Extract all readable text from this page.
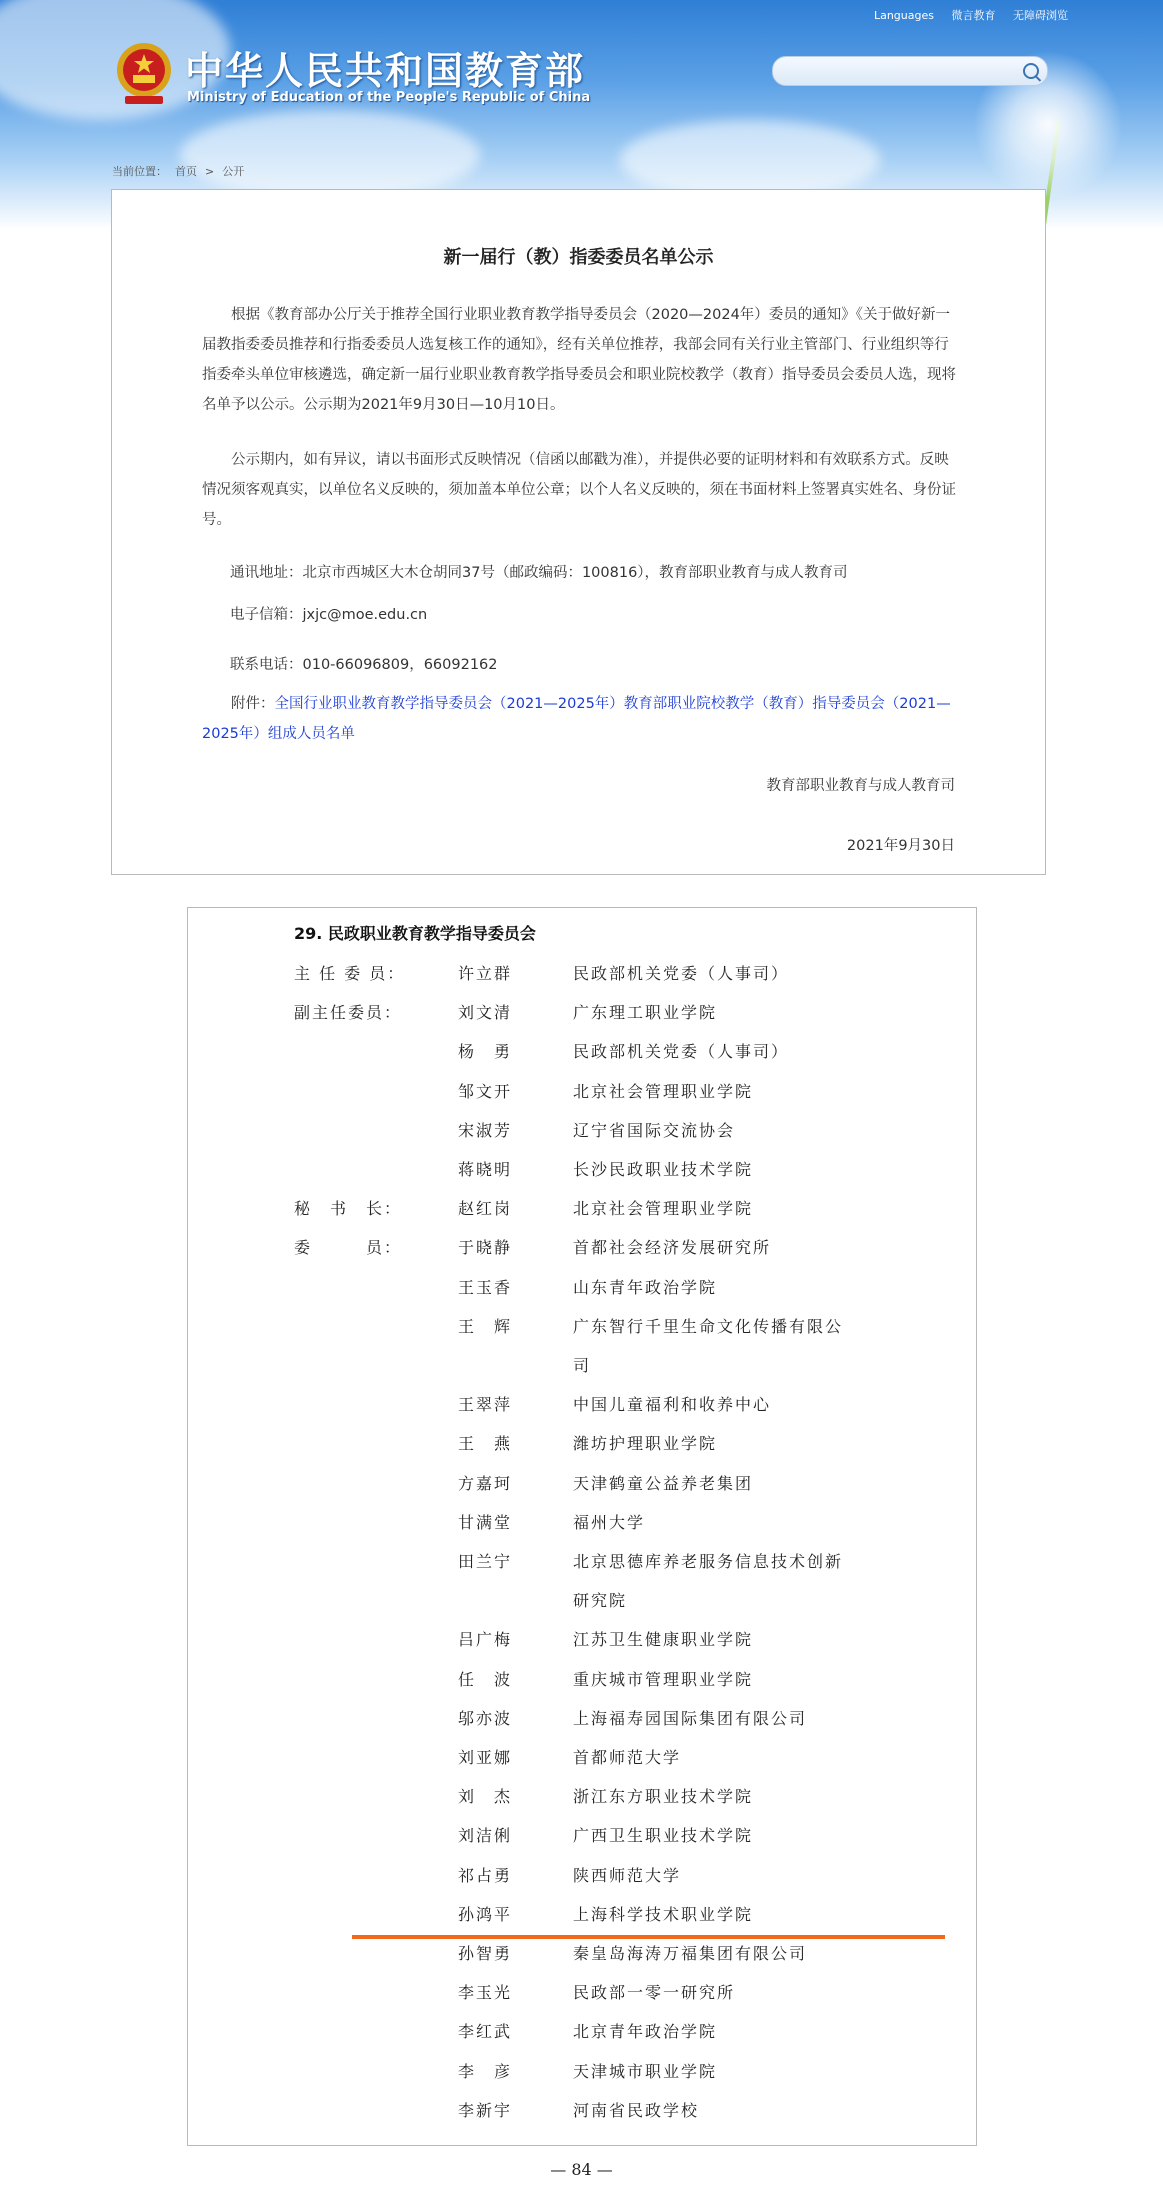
中华人民共和国教育部
Ministry of Education of the People's Republic of China
Languages 微言教育 无障碍浏览
当前位置： 首页 > 公开
新一届行（教）指委委员名单公示
根据《教育部办公厅关于推荐全国行业职业教育教学指导委员会（2020—2024年）委员的通知》《关于做好新一届教指委委员推荐和行指委委员人选复核工作的通知》，经有关单位推荐，我部会同有关行业主管部门、行业组织等行指委牵头单位审核遴选，确定新一届行业职业教育教学指导委员会和职业院校教学（教育）指导委员会委员人选，现将名单予以公示。公示期为2021年9月30日—10月10日。
公示期内，如有异议，请以书面形式反映情况（信函以邮戳为准），并提供必要的证明材料和有效联系方式。反映情况须客观真实，以单位名义反映的，须加盖本单位公章；以个人名义反映的，须在书面材料上签署真实姓名、身份证号。
通讯地址：北京市西城区大木仓胡同37号（邮政编码：100816），教育部职业教育与成人教育司
电子信箱：jxjc@moe.edu.cn
联系电话：010-66096809，66092162
附件：全国行业职业教育教学指导委员会（2021—2025年）教育部职业院校教学（教育）指导委员会（2021—2025年）组成人员名单
教育部职业教育与成人教育司
2021年9月30日
29. 民政职业教育教学指导委员会
主 任 委 员：	许立群	民政部机关党委（人事司）
副主任委员：	刘文清	广东理工职业学院
杨　勇	民政部机关党委（人事司）
邹文开	北京社会管理职业学院
宋淑芳	辽宁省国际交流协会
蒋晓明	长沙民政职业技术学院
秘　书　长：	赵红岗	北京社会管理职业学院
委　　　员：	于晓静	首都社会经济发展研究所
王玉香	山东青年政治学院
王　辉	广东智行千里生命文化传播有限公
司
王翠萍	中国儿童福利和收养中心
王　燕	潍坊护理职业学院
方嘉珂	天津鹤童公益养老集团
甘满堂	福州大学
田兰宁	北京思德库养老服务信息技术创新
研究院
吕广梅	江苏卫生健康职业学院
任　波	重庆城市管理职业学院
邬亦波	上海福寿园国际集团有限公司
刘亚娜	首都师范大学
刘　杰	浙江东方职业技术学院
刘洁俐	广西卫生职业技术学院
祁占勇	陕西师范大学
孙鸿平	上海科学技术职业学院
孙智勇	秦皇岛海涛万福集团有限公司
李玉光	民政部一零一研究所
李红武	北京青年政治学院
李　彦	天津城市职业学院
李新宇	河南省民政学校
— 84 —
